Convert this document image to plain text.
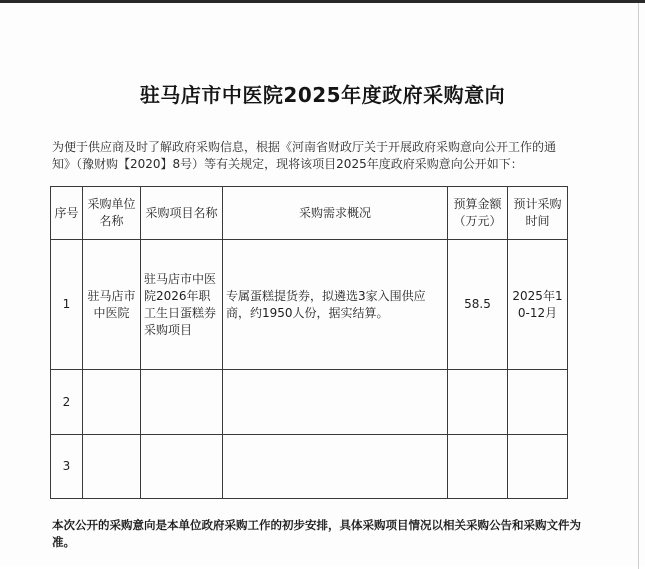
驻马店市中医院2025年度政府采购意向
为便于供应商及时了解政府采购信息，根据《河南省财政厅关于开展政府采购意向公开工作的通知》（豫财购【2020】8号）等有关规定，现将该项目2025年度政府采购意向公开如下：
序号	采购单位名称	采购项目名称	采购需求概况	预算金额（万元）	预计采购时间
1	驻马店市中医院	驻马店市中医院2026年职工生日蛋糕券采购项目	专属蛋糕提货券，拟遴选3家入围供应商，约1950人份，据实结算。	58.5	2025年10-12月
2					
3					
本次公开的采购意向是本单位政府采购工作的初步安排，具体采购项目情况以相关采购公告和采购文件为准。
